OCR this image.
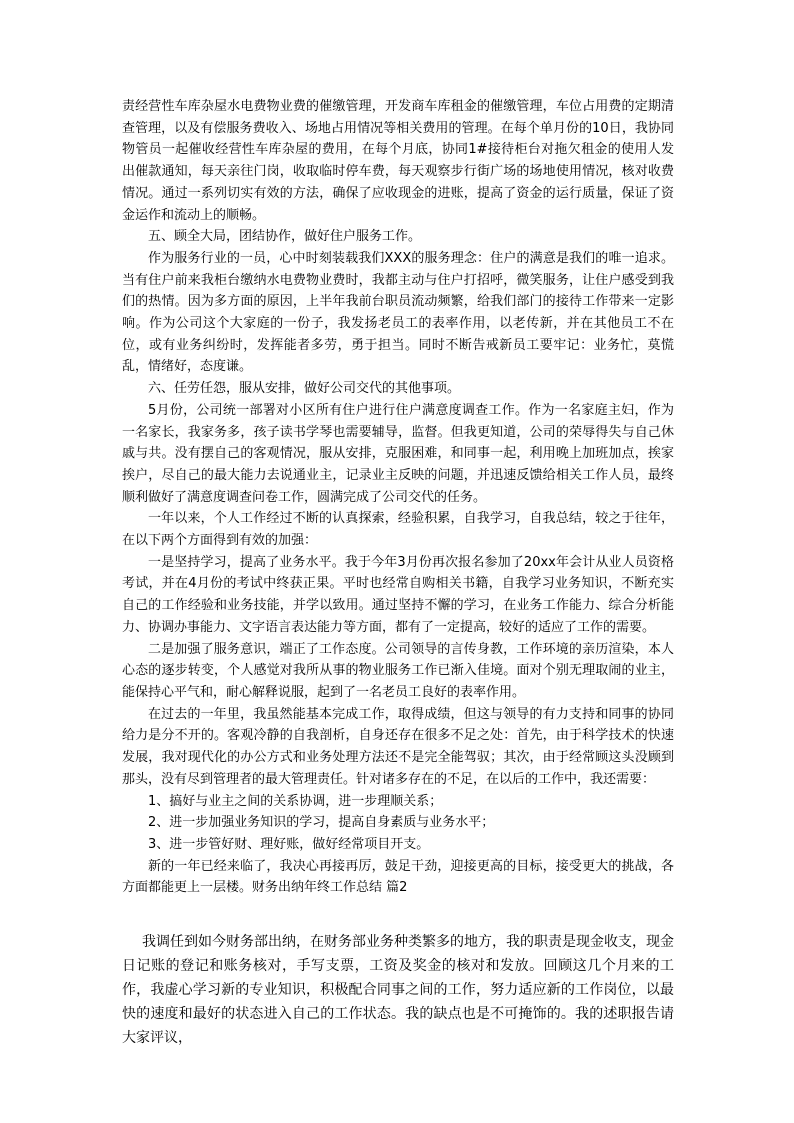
责经营性车库杂屋水电费物业费的催缴管理，开发商车库租金的催缴管理，车位占用费的定期清查管理，以及有偿服务费收入、场地占用情况等相关费用的管理。在每个单月份的10日，我协同物管员一起催收经营性车库杂屋的费用，在每个月底，协同1#接待柜台对拖欠租金的使用人发出催款通知，每天亲往门岗，收取临时停车费，每天观察步行街广场的场地使用情况，核对收费情况。通过一系列切实有效的方法，确保了应收现金的进账，提高了资金的运行质量，保证了资金运作和流动上的顺畅。

五、顾全大局，团结协作，做好住户服务工作。

作为服务行业的一员，心中时刻装载我们XXX的服务理念：住户的满意是我们的唯一追求。当有住户前来我柜台缴纳水电费物业费时，我都主动与住户打招呼，微笑服务，让住户感受到我们的热情。因为多方面的原因，上半年我前台职员流动频繁，给我们部门的接待工作带来一定影响。作为公司这个大家庭的一份子，我发扬老员工的表率作用，以老传新，并在其他员工不在位，或有业务纠纷时，发挥能者多劳，勇于担当。同时不断告戒新员工要牢记：业务忙，莫慌乱，情绪好，态度谦。

六、任劳任怨，服从安排，做好公司交代的其他事项。

5月份，公司统一部署对小区所有住户进行住户满意度调查工作。作为一名家庭主妇，作为一名家长，我家务多，孩子读书学琴也需要辅导，监督。但我更知道，公司的荣辱得失与自己休戚与共。没有摆自己的客观情况，服从安排，克服困难，和同事一起，利用晚上加班加点，挨家挨户，尽自己的最大能力去说通业主，记录业主反映的问题，并迅速反馈给相关工作人员，最终顺利做好了满意度调查问卷工作，圆满完成了公司交代的任务。

一年以来，个人工作经过不断的认真探索，经验积累，自我学习，自我总结，较之于往年，在以下两个方面得到有效的加强：

一是坚持学习，提高了业务水平。我于今年3月份再次报名参加了20xx年会计从业人员资格考试，并在4月份的考试中终获正果。平时也经常自购相关书籍，自我学习业务知识，不断充实自己的工作经验和业务技能，并学以致用。通过坚持不懈的学习，在业务工作能力、综合分析能力、协调办事能力、文字语言表达能力等方面，都有了一定提高，较好的适应了工作的需要。

二是加强了服务意识，端正了工作态度。公司领导的言传身教，工作环境的亲历渲染，本人心态的逐步转变，个人感觉对我所从事的物业服务工作已渐入佳境。面对个别无理取闹的业主，能保持心平气和，耐心解释说服，起到了一名老员工良好的表率作用。

在过去的一年里，我虽然能基本完成工作，取得成绩，但这与领导的有力支持和同事的协同给力是分不开的。客观冷静的自我剖析，自身还存在很多不足之处：首先，由于科学技术的快速发展，我对现代化的办公方式和业务处理方法还不是完全能驾驭；其次，由于经常顾这头没顾到那头，没有尽到管理者的最大管理责任。针对诸多存在的不足，在以后的工作中，我还需要：

1、搞好与业主之间的关系协调，进一步理顺关系；

2、进一步加强业务知识的学习，提高自身素质与业务水平；

3、进一步管好财、理好账，做好经常项目开支。

新的一年已经来临了，我决心再接再厉，鼓足干劲，迎接更高的目标，接受更大的挑战，各方面都能更上一层楼。财务出纳年终工作总结 篇2

我调任到如今财务部出纳，在财务部业务种类繁多的地方，我的职责是现金收支，现金日记账的登记和账务核对，手写支票，工资及奖金的核对和发放。回顾这几个月来的工作，我虚心学习新的专业知识，积极配合同事之间的工作，努力适应新的工作岗位，以最快的速度和最好的状态进入自己的工作状态。我的缺点也是不可掩饰的。我的述职报告请大家评议，
